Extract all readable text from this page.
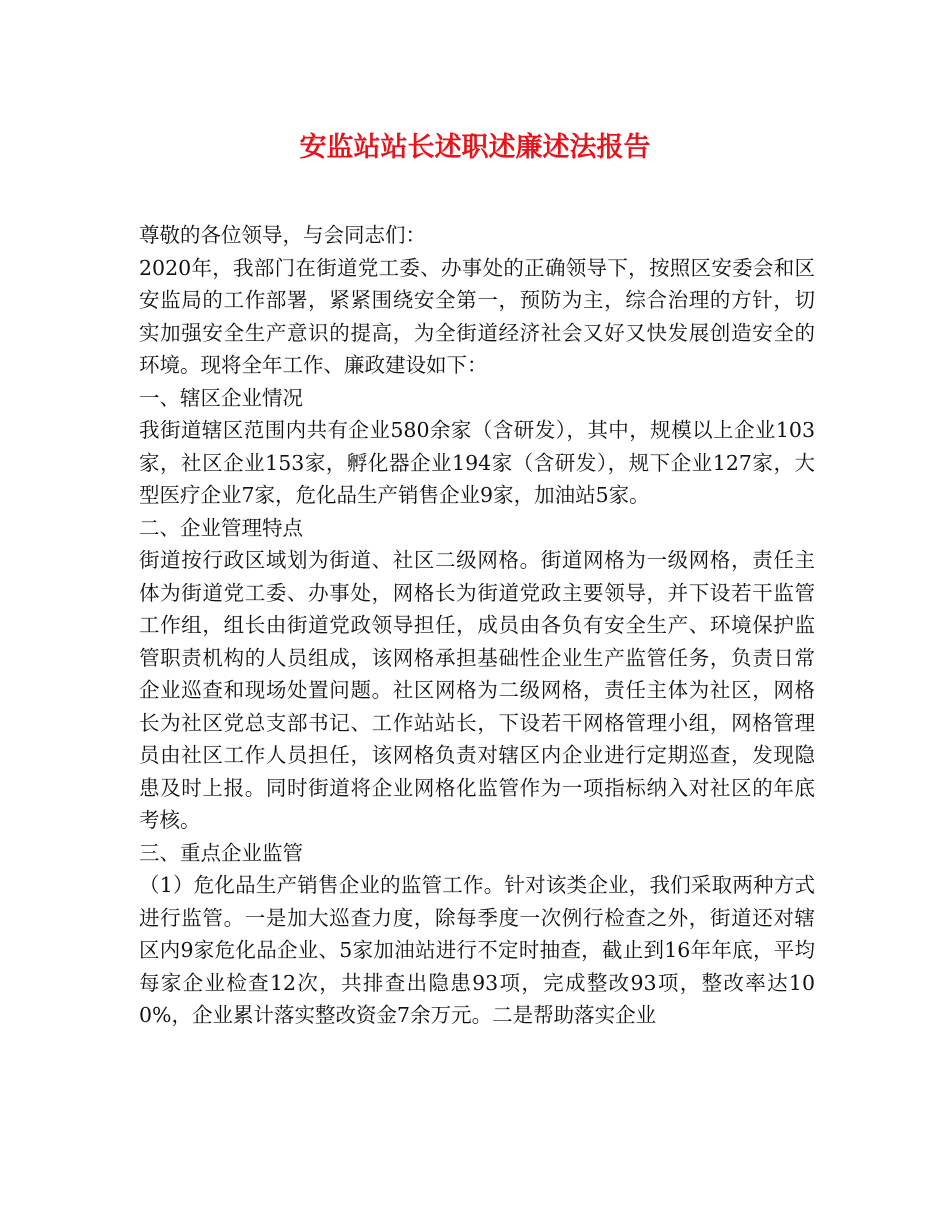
安监站站长述职述廉述法报告

尊敬的各位领导，与会同志们：

2020年，我部门在街道党工委、办事处的正确领导下，按照区安委会和区安监局的工作部署，紧紧围绕安全第一，预防为主，综合治理的方针，切实加强安全生产意识的提高，为全街道经济社会又好又快发展创造安全的环境。现将全年工作、廉政建设如下：

一、辖区企业情况

我街道辖区范围内共有企业580余家（含研发），其中，规模以上企业103家，社区企业153家，孵化器企业194家（含研发），规下企业127家，大型医疗企业7家，危化品生产销售企业9家，加油站5家。

二、企业管理特点

街道按行政区域划为街道、社区二级网格。街道网格为一级网格，责任主体为街道党工委、办事处，网格长为街道党政主要领导，并下设若干监管工作组，组长由街道党政领导担任，成员由各负有安全生产、环境保护监管职责机构的人员组成，该网格承担基础性企业生产监管任务，负责日常企业巡查和现场处置问题。社区网格为二级网格，责任主体为社区，网格长为社区党总支部书记、工作站站长，下设若干网格管理小组，网格管理员由社区工作人员担任，该网格负责对辖区内企业进行定期巡查，发现隐患及时上报。同时街道将企业网格化监管作为一项指标纳入对社区的年底考核。

三、重点企业监管

（1）危化品生产销售企业的监管工作。针对该类企业，我们采取两种方式进行监管。一是加大巡查力度，除每季度一次例行检查之外，街道还对辖区内9家危化品企业、5家加油站进行不定时抽查，截止到16年年底，平均每家企业检查12次，共排查出隐患93项，完成整改93项，整改率达100%，企业累计落实整改资金7余万元。二是帮助落实企业
